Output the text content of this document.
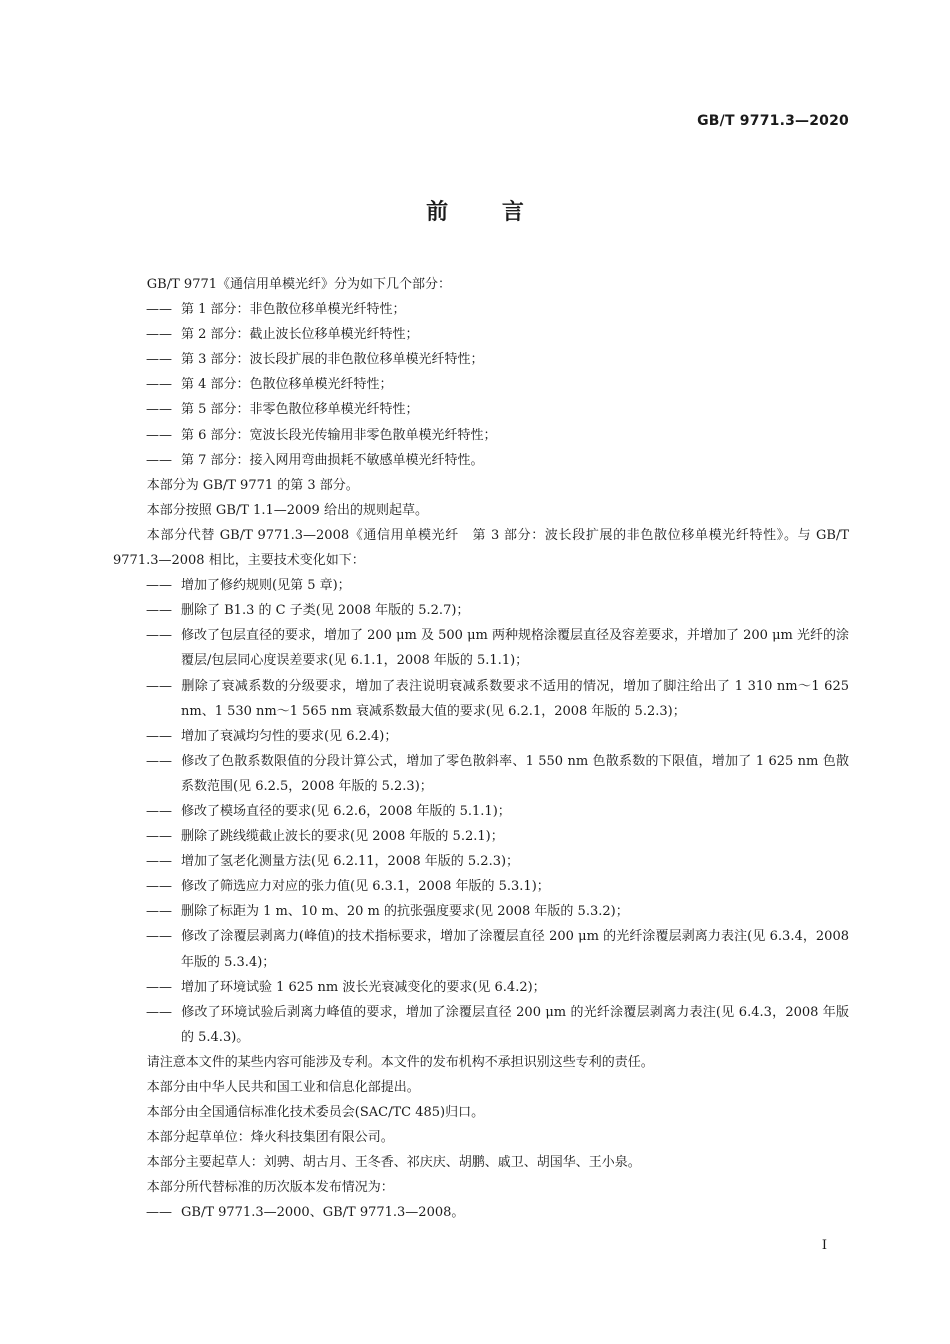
GB/T 9771.3—2020
前 言
GB/T 9771《通信用单模光纤》分为如下几个部分：
—— 第 1 部分：非色散位移单模光纤特性；
—— 第 2 部分：截止波长位移单模光纤特性；
—— 第 3 部分：波长段扩展的非色散位移单模光纤特性；
—— 第 4 部分：色散位移单模光纤特性；
—— 第 5 部分：非零色散位移单模光纤特性；
—— 第 6 部分：宽波长段光传输用非零色散单模光纤特性；
—— 第 7 部分：接入网用弯曲损耗不敏感单模光纤特性。
本部分为 GB/T 9771 的第 3 部分。
本部分按照 GB/T 1.1—2009 给出的规则起草。
本部分代替 GB/T 9771.3—2008《通信用单模光纤　第 3 部分：波长段扩展的非色散位移单模光纤特性》。与 GB/T 9771.3—2008 相比，主要技术变化如下：
—— 增加了修约规则(见第 5 章)；
—— 删除了 B1.3 的 C 子类(见 2008 年版的 5.2.7)；
—— 修改了包层直径的要求，增加了 200 μm 及 500 μm 两种规格涂覆层直径及容差要求，并增加了 200 μm 光纤的涂覆层/包层同心度误差要求(见 6.1.1，2008 年版的 5.1.1)；
—— 删除了衰减系数的分级要求，增加了表注说明衰减系数要求不适用的情况，增加了脚注给出了 1 310 nm～1 625 nm、1 530 nm～1 565 nm 衰减系数最大值的要求(见 6.2.1，2008 年版的 5.2.3)；
—— 增加了衰减均匀性的要求(见 6.2.4)；
—— 修改了色散系数限值的分段计算公式，增加了零色散斜率、1 550 nm 色散系数的下限值，增加了 1 625 nm 色散系数范围(见 6.2.5，2008 年版的 5.2.3)；
—— 修改了模场直径的要求(见 6.2.6，2008 年版的 5.1.1)；
—— 删除了跳线缆截止波长的要求(见 2008 年版的 5.2.1)；
—— 增加了氢老化测量方法(见 6.2.11，2008 年版的 5.2.3)；
—— 修改了筛选应力对应的张力值(见 6.3.1，2008 年版的 5.3.1)；
—— 删除了标距为 1 m、10 m、20 m 的抗张强度要求(见 2008 年版的 5.3.2)；
—— 修改了涂覆层剥离力(峰值)的技术指标要求，增加了涂覆层直径 200 μm 的光纤涂覆层剥离力表注(见 6.3.4，2008 年版的 5.3.4)；
—— 增加了环境试验 1 625 nm 波长光衰减变化的要求(见 6.4.2)；
—— 修改了环境试验后剥离力峰值的要求，增加了涂覆层直径 200 μm 的光纤涂覆层剥离力表注(见 6.4.3，2008 年版的 5.4.3)。
请注意本文件的某些内容可能涉及专利。本文件的发布机构不承担识别这些专利的责任。
本部分由中华人民共和国工业和信息化部提出。
本部分由全国通信标准化技术委员会(SAC/TC 485)归口。
本部分起草单位：烽火科技集团有限公司。
本部分主要起草人：刘骋、胡古月、王冬香、祁庆庆、胡鹏、戚卫、胡国华、王小泉。
本部分所代替标准的历次版本发布情况为：
—— GB/T 9771.3—2000、GB/T 9771.3—2008。
I
